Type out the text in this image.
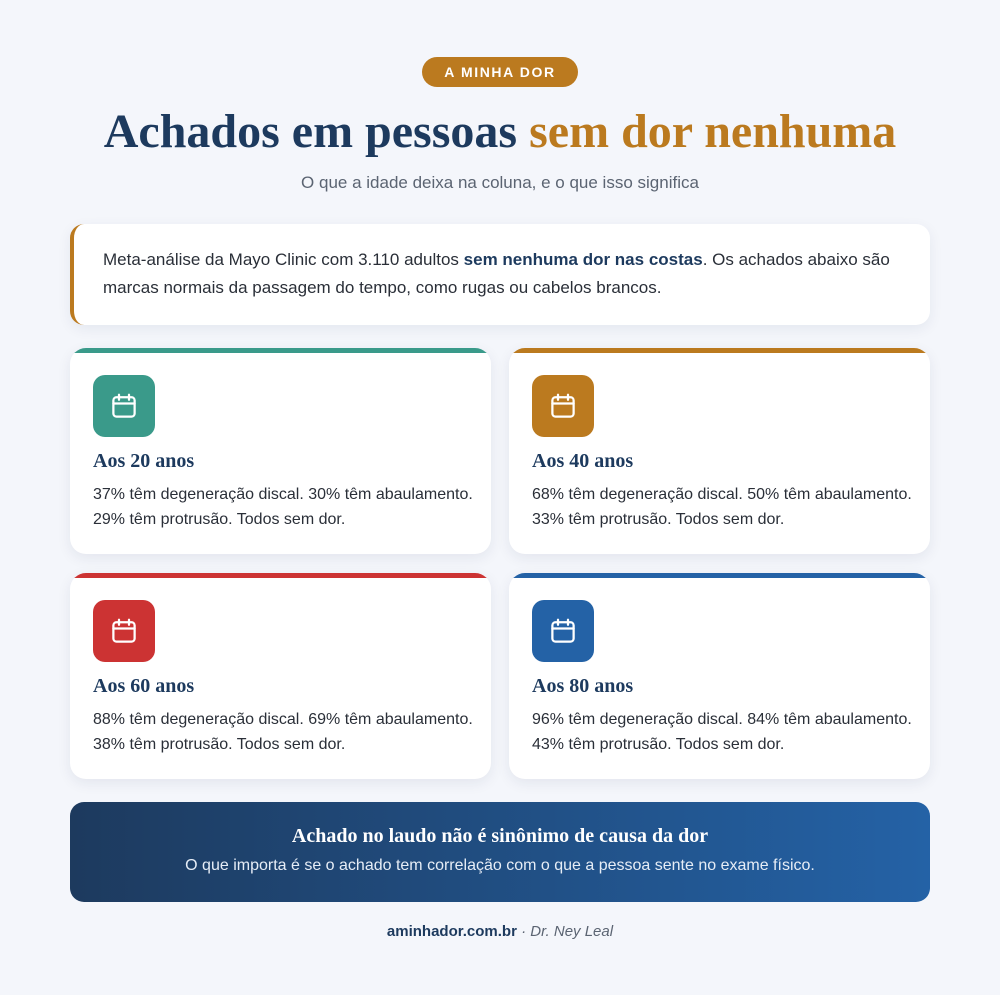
A MINHA DOR
Achados em pessoas sem dor nenhuma
O que a idade deixa na coluna, e o que isso significa
Meta-análise da Mayo Clinic com 3.110 adultos sem nenhuma dor nas costas. Os achados abaixo são marcas normais da passagem do tempo, como rugas ou cabelos brancos.
Aos 20 anos
37% têm degeneração discal. 30% têm abaulamento. 29% têm protrusão. Todos sem dor.
Aos 40 anos
68% têm degeneração discal. 50% têm abaulamento. 33% têm protrusão. Todos sem dor.
Aos 60 anos
88% têm degeneração discal. 69% têm abaulamento. 38% têm protrusão. Todos sem dor.
Aos 80 anos
96% têm degeneração discal. 84% têm abaulamento. 43% têm protrusão. Todos sem dor.
Achado no laudo não é sinônimo de causa da dor
O que importa é se o achado tem correlação com o que a pessoa sente no exame físico.
aminhador.com.br · Dr. Ney Leal
